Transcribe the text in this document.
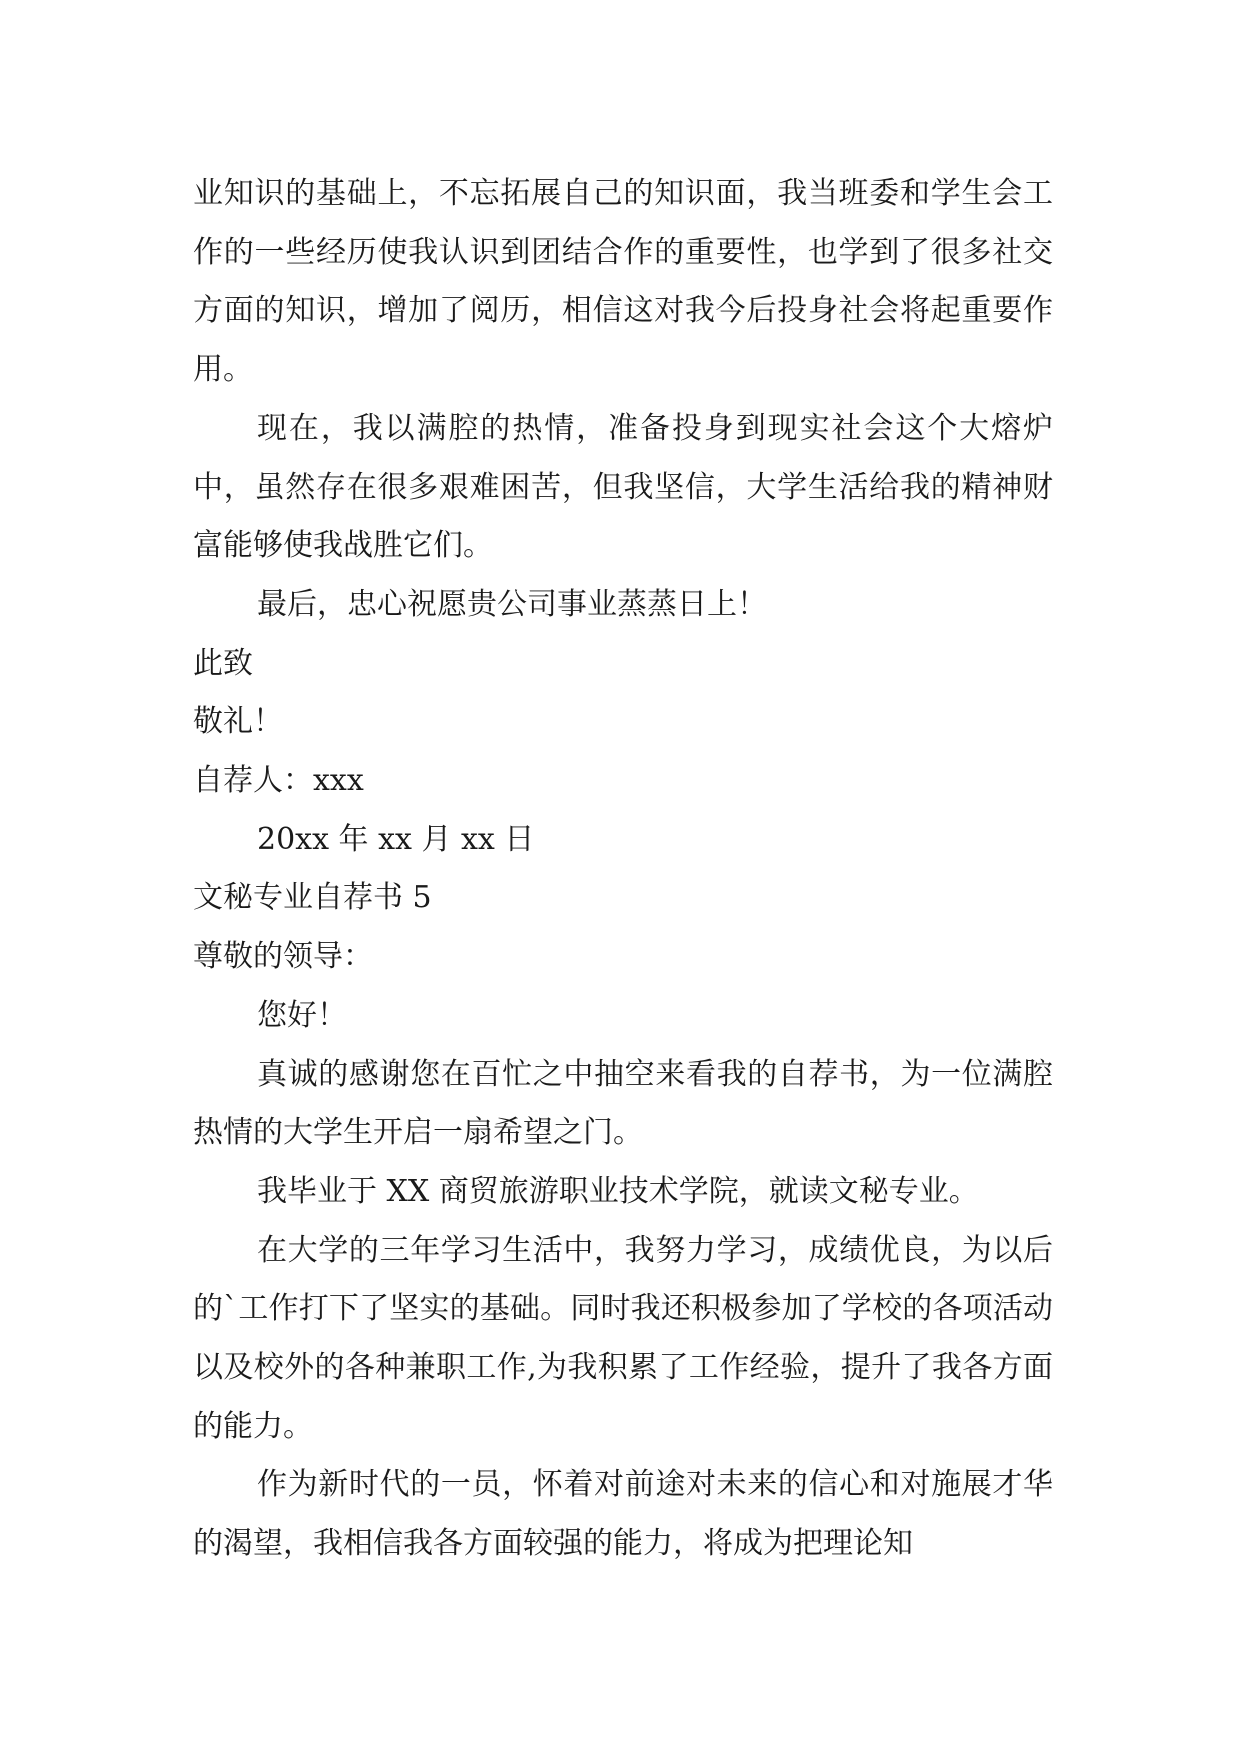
业知识的基础上，不忘拓展自己的知识面，我当班委和学生会工作的一些经历使我认识到团结合作的重要性，也学到了很多社交方面的知识，增加了阅历，相信这对我今后投身社会将起重要作用。

现在，我以满腔的热情，准备投身到现实社会这个大熔炉中，虽然存在很多艰难困苦，但我坚信，大学生活给我的精神财富能够使我战胜它们。

最后，忠心祝愿贵公司事业蒸蒸日上！

此致

敬礼！

自荐人：xxx

20xx 年 xx 月 xx 日

文秘专业自荐书 5

尊敬的领导：

您好！

真诚的感谢您在百忙之中抽空来看我的自荐书，为一位满腔热情的大学生开启一扇希望之门。

我毕业于 XX 商贸旅游职业技术学院，就读文秘专业。

在大学的三年学习生活中，我努力学习，成绩优良，为以后的`工作打下了坚实的基础。同时我还积极参加了学校的各项活动以及校外的各种兼职工作,为我积累了工作经验，提升了我各方面的能力。

作为新时代的一员，怀着对前途对未来的信心和对施展才华的渴望，我相信我各方面较强的能力，将成为把理论知
